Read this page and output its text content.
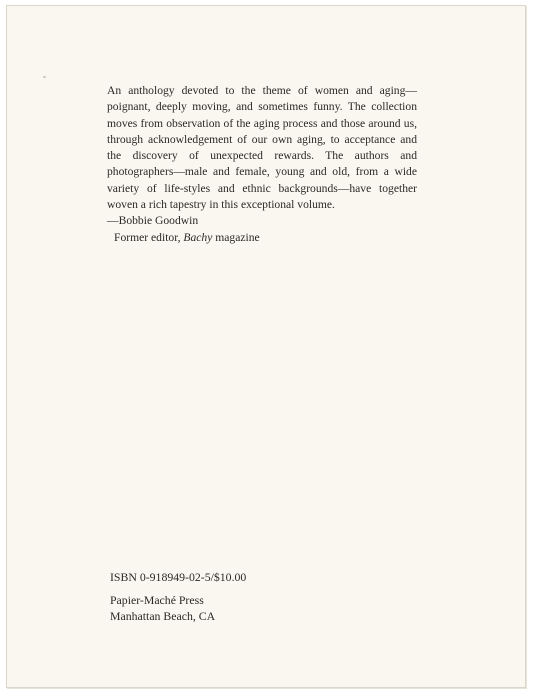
An anthology devoted to the theme of women and aging—poignant, deeply moving, and sometimes funny. The collection moves from observation of the aging process and those around us, through acknowledgement of our own aging, to acceptance and the discovery of unexpected rewards. The authors and photographers—male and female, young and old, from a wide variety of life-styles and ethnic backgrounds—have together woven a rich tapestry in this exceptional volume.

—Bobbie Goodwin
Former editor, Bachy magazine
ISBN 0-918949-02-5/$10.00
Papier-Maché Press
Manhattan Beach, CA
